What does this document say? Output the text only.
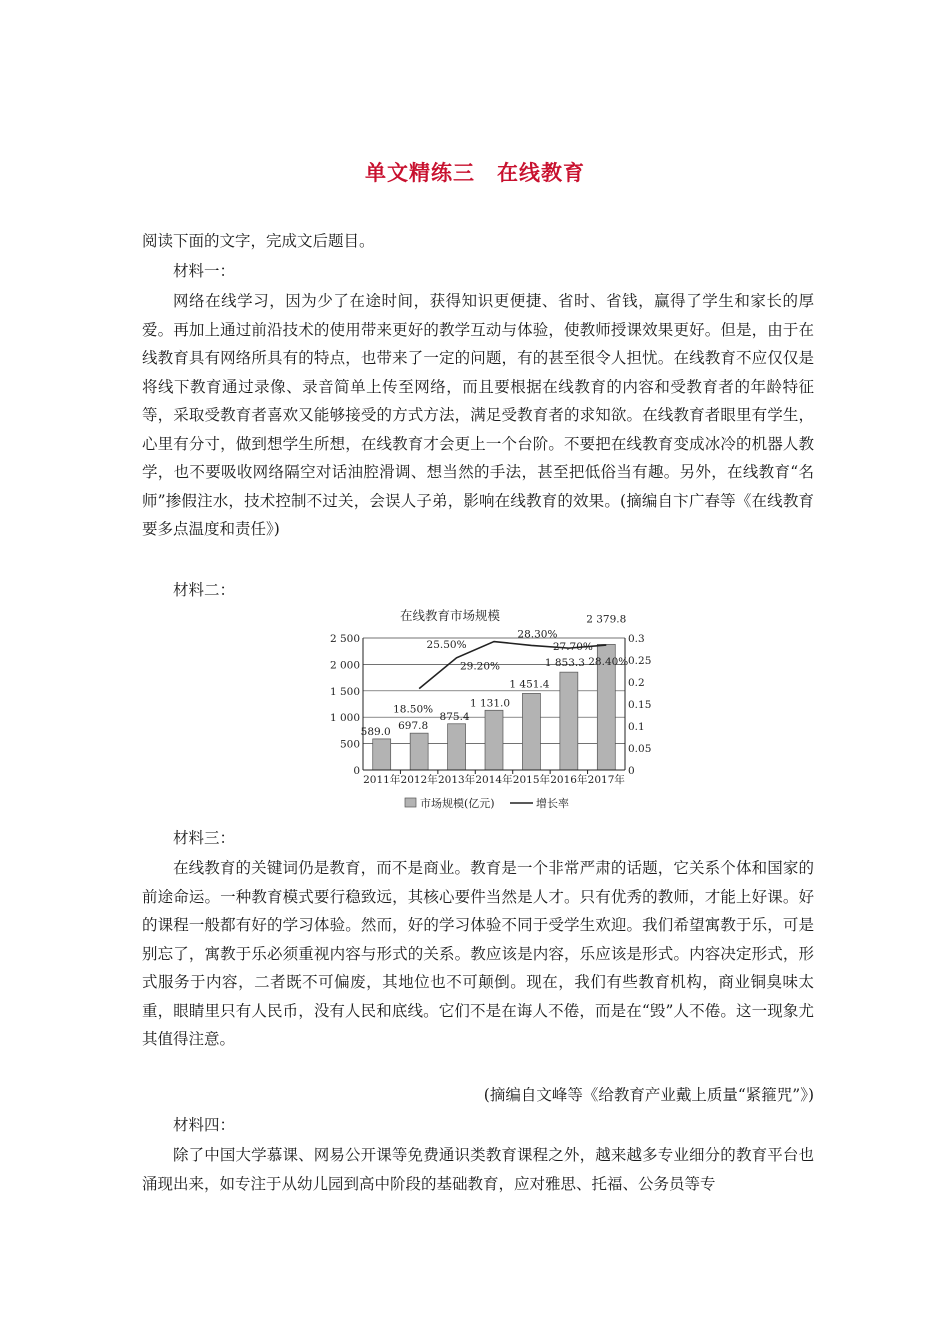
单文精练三　在线教育
阅读下面的文字，完成文后题目。
材料一：
网络在线学习，因为少了在途时间，获得知识更便捷、省时、省钱，赢得了学生和家长的厚爱。再加上通过前沿技术的使用带来更好的教学互动与体验，使教师授课效果更好。但是，由于在线教育具有网络所具有的特点，也带来了一定的问题，有的甚至很令人担忧。在线教育不应仅仅是将线下教育通过录像、录音简单上传至网络，而且要根据在线教育的内容和受教育者的年龄特征等，采取受教育者喜欢又能够接受的方式方法，满足受教育者的求知欲。在线教育者眼里有学生，心里有分寸，做到想学生所想，在线教育才会更上一个台阶。不要把在线教育变成冰冷的机器人教学，也不要吸收网络隔空对话油腔滑调、想当然的手法，甚至把低俗当有趣。另外，在线教育“名师”掺假注水，技术控制不过关，会误人子弟，影响在线教育的效果。(摘编自卞广春等《在线教育要多点温度和责任》)
材料二：
在线教育市场规模
0
500
1 000
1 500
2 000
2 500
0
0.05
0.1
0.15
0.2
0.25
0.3
2011年 2012年 2013年 2014年 2015年 2016年 2017年
589.0 697.8
875.4
1 131.0
1 451.4
1 853.3
2 379.8
18.50%
25.50%
29.20%
28.30%
27.70%
28.40%
市场规模(亿元)	增长率
材料三：
在线教育的关键词仍是教育，而不是商业。教育是一个非常严肃的话题，它关系个体和国家的前途命运。一种教育模式要行稳致远，其核心要件当然是人才。只有优秀的教师，才能上好课。好的课程一般都有好的学习体验。然而，好的学习体验不同于受学生欢迎。我们希望寓教于乐，可是别忘了，寓教于乐必须重视内容与形式的关系。教应该是内容，乐应该是形式。内容决定形式，形式服务于内容，二者既不可偏废，其地位也不可颠倒。现在，我们有些教育机构，商业铜臭味太重，眼睛里只有人民币，没有人民和底线。它们不是在诲人不倦，而是在“毁”人不倦。这一现象尤其值得注意。
(摘编自文峰等《给教育产业戴上质量“紧箍咒”》)
材料四：
除了中国大学慕课、网易公开课等免费通识类教育课程之外，越来越多专业细分的教育平台也涌现出来，如专注于从幼儿园到高中阶段的基础教育，应对雅思、托福、公务员等专
